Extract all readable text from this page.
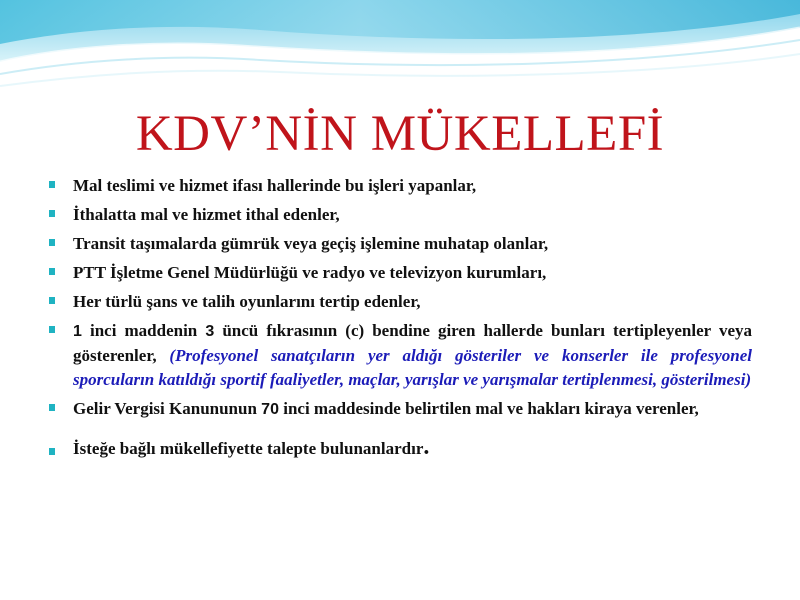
KDV’NİN MÜKELLEFİ
Mal teslimi ve hizmet ifası hallerinde bu işleri yapanlar,
İthalatta mal ve hizmet ithal edenler,
Transit taşımalarda gümrük veya geçiş işlemine muhatap olanlar,
PTT İşletme Genel Müdürlüğü ve radyo ve televizyon kurumları,
Her türlü şans ve talih oyunlarını tertip edenler,
1 inci maddenin 3 üncü fıkrasının (c) bendine giren hallerde bunları tertipleyenler veya gösterenler, (Profesyonel sanatçıların yer aldığı gösteriler ve konserler ile profesyonel sporcuların katıldığı sportif faaliyetler, maçlar, yarışlar ve yarışmalar tertiplenmesi, gösterilmesi)
Gelir Vergisi Kanununun 70 inci maddesinde belirtilen mal ve hakları kiraya verenler,
İsteğe bağlı mükellefiyette talepte bulunanlardır.
